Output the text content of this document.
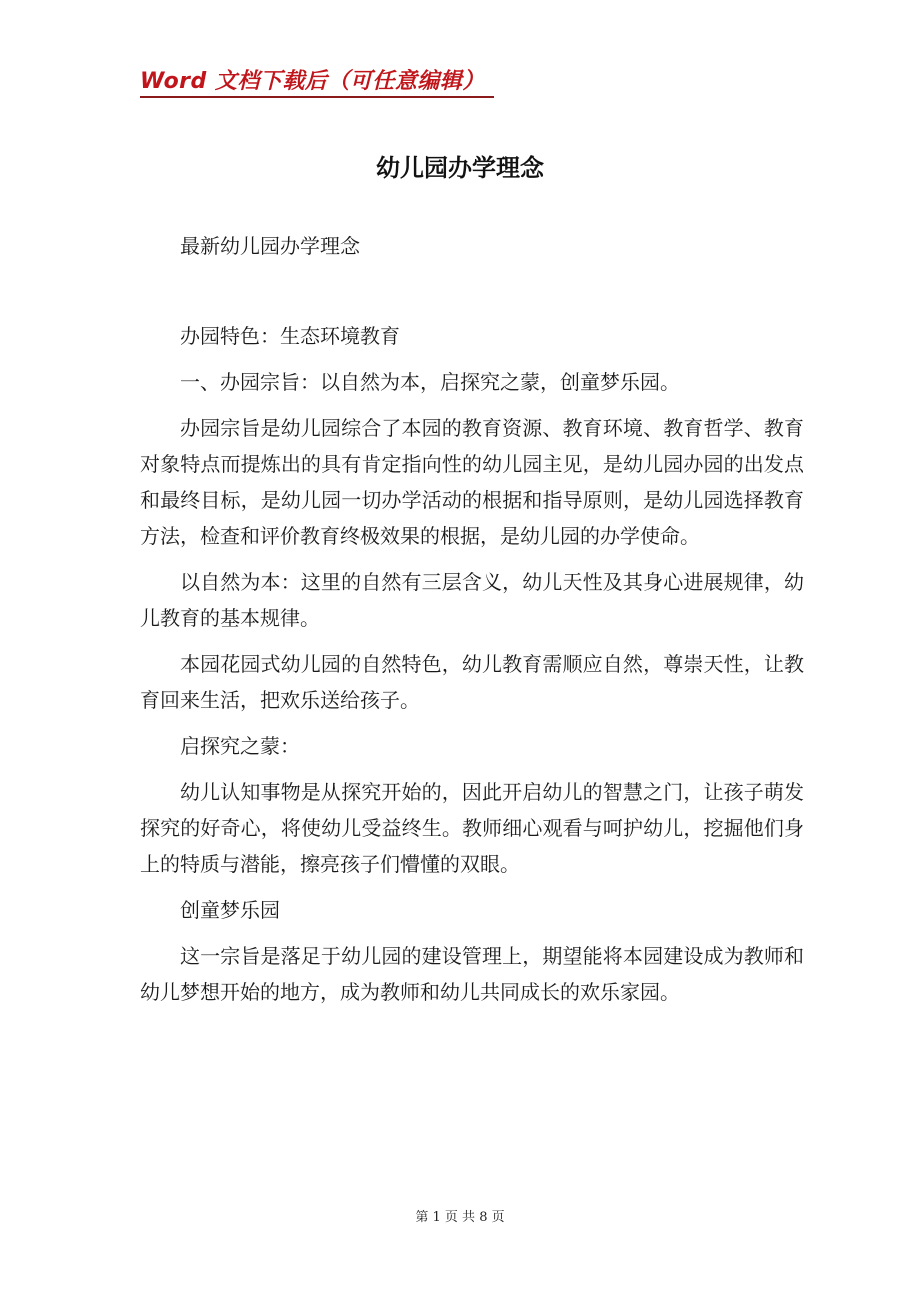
Word 文档下载后（可任意编辑）
幼儿园办学理念

最新幼儿园办学理念

办园特色：生态环境教育

一、办园宗旨：以自然为本，启探究之蒙，创童梦乐园。

办园宗旨是幼儿园综合了本园的教育资源、教育环境、教育哲学、教育对象特点而提炼出的具有肯定指向性的幼儿园主见，是幼儿园办园的出发点和最终目标，是幼儿园一切办学活动的根据和指导原则，是幼儿园选择教育方法，检查和评价教育终极效果的根据，是幼儿园的办学使命。

以自然为本：这里的自然有三层含义，幼儿天性及其身心进展规律，幼儿教育的基本规律。

本园花园式幼儿园的自然特色，幼儿教育需顺应自然，尊崇天性，让教育回来生活，把欢乐送给孩子。

启探究之蒙：

幼儿认知事物是从探究开始的，因此开启幼儿的智慧之门，让孩子萌发探究的好奇心，将使幼儿受益终生。教师细心观看与呵护幼儿，挖掘他们身上的特质与潜能，擦亮孩子们懵懂的双眼。

创童梦乐园

这一宗旨是落足于幼儿园的建设管理上，期望能将本园建设成为教师和幼儿梦想开始的地方，成为教师和幼儿共同成长的欢乐家园。

第 1 页 共 8 页
